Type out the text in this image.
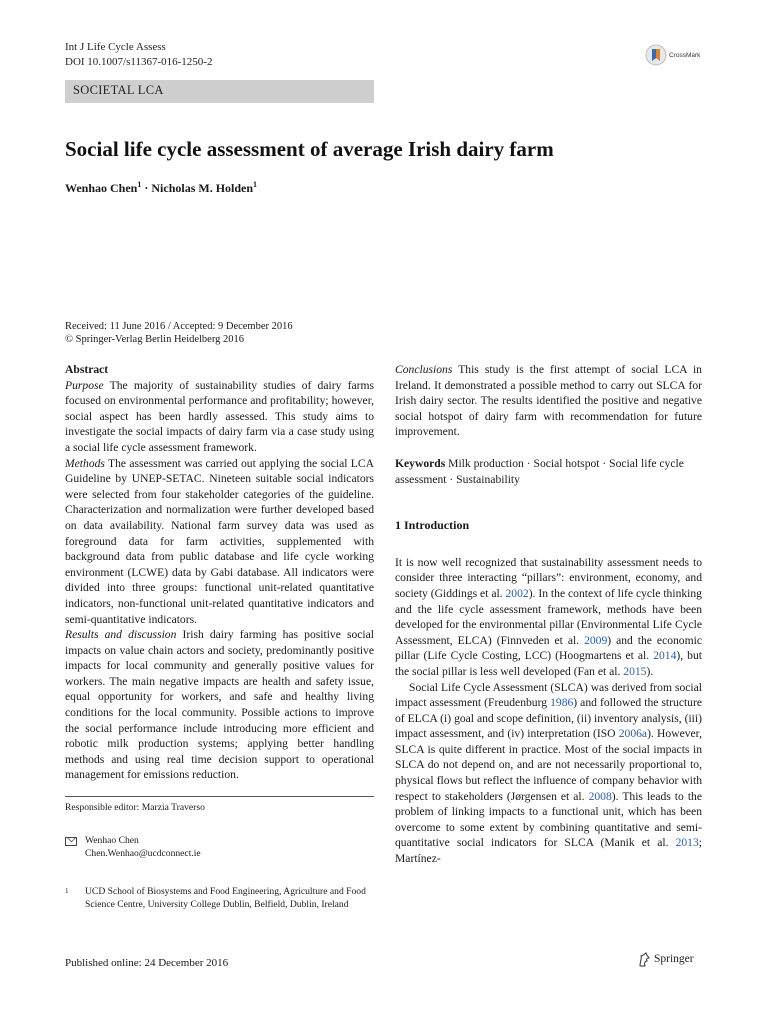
Int J Life Cycle Assess
DOI 10.1007/s11367-016-1250-2
CrossMark
SOCIETAL LCA
Social life cycle assessment of average Irish dairy farm
Wenhao Chen$^1$ · Nicholas M. Holden$^1$
Received: 11 June 2016 / Accepted: 9 December 2016
© Springer-Verlag Berlin Heidelberg 2016

Abstract

Purpose The majority of sustainability studies of dairy farms focused on environmental performance and profitability; however, social aspect has been hardly assessed. This study aims to investigate the social impacts of dairy farm via a case study using a social life cycle assessment framework.

Methods The assessment was carried out applying the social LCA Guideline by UNEP-SETAC. Nineteen suitable social indicators were selected from four stakeholder categories of the guideline. Characterization and normalization were further developed based on data availability. National farm survey data was used as foreground data for farm activities, supplemented with background data from public database and life cycle working environment (LCWE) data by Gabi database. All indicators were divided into three groups: functional unit-related quantitative indicators, non-functional unit-related quantitative indicators and semi-quantitative indicators.

Results and discussion Irish dairy farming has positive social impacts on value chain actors and society, predominantly positive impacts for local community and generally positive values for workers. The main negative impacts are health and safety issue, equal opportunity for workers, and safe and healthy living conditions for the local community. Possible actions to improve the social performance include introducing more efficient and robotic milk production systems; applying better handling methods and using real time decision support to operational management for emissions reduction.

Conclusions This study is the first attempt of social LCA in Ireland. It demonstrated a possible method to carry out SLCA for Irish dairy sector. The results identified the positive and negative social hotspot of dairy farm with recommendation for future improvement.

Keywords Milk production · Social hotspot · Social life cycle assessment · Sustainability

1 Introduction

It is now well recognized that sustainability assessment needs to consider three interacting “pillars”: environment, economy, and society (Giddings et al. 2002). In the context of life cycle thinking and the life cycle assessment framework, methods have been developed for the environmental pillar (Environmental Life Cycle Assessment, ELCA) (Finnveden et al. 2009) and the economic pillar (Life Cycle Costing, LCC) (Hoogmartens et al. 2014), but the social pillar is less well developed (Fan et al. 2015).

Social Life Cycle Assessment (SLCA) was derived from social impact assessment (Freudenburg 1986) and followed the structure of ELCA (i) goal and scope definition, (ii) inventory analysis, (iii) impact assessment, and (iv) interpretation (ISO 2006a). However, SLCA is quite different in practice. Most of the social impacts in SLCA do not depend on, and are not necessarily proportional to, physical flows but reflect the influence of company behavior with respect to stakeholders (Jørgensen et al. 2008). This leads to the problem of linking impacts to a functional unit, which has been overcome to some extent by combining quantitative and semi-quantitative social indicators for SLCA (Manik et al. 2013; Martínez-

Responsible editor: Marzia Traverso
Wenhao Chen
Chen.Wenhao@ucdconnect.ie
1 UCD School of Biosystems and Food Engineering, Agriculture and Food Science Centre, University College Dublin, Belfield, Dublin, Ireland
Published online: 24 December 2016	Springer
